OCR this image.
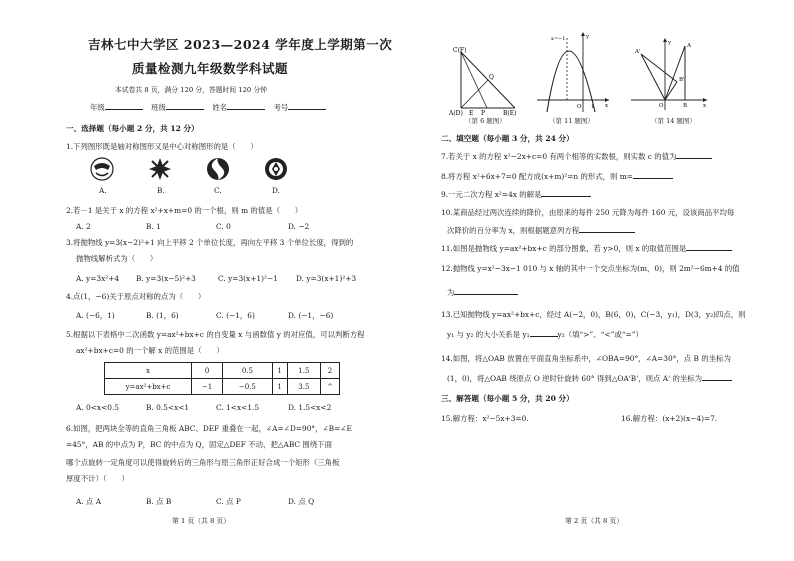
吉林七中大学区 2023—2024 学年度上学期第一次
质量检测九年级数学科试题
本试卷共 8 页，满分 120 分，答题时间 120 分钟
年级	班级	姓名	考号
一、选择题（每小题 2 分，共 12 分）
1.下列图形既是轴对称图形又是中心对称图形的是（　　）
A.	B.	C.	D.
2.若－1 是关于 x 的方程 x²+x+m=0 的一个根，则 m 的值是（　　）
A. 2	B. 1	C. 0	D. −2
3.将抛物线 y=3(x−2)²+1 向上平移 2 个单位长度，再向左平移 3 个单位长度，得到的
抛物线解析式为（　　）
A. y=3x²+4 B. y=3(x−5)²+3	C. y=3(x+1)²−1 D. y=3(x+1)²+3
4.点(1，−6)关于原点对称的点为（　　）
A. (−6，1)	B. (1，6)	C. (−1，6)	D. (−1，−6)
5.根据以下表格中二次函数 y=ax²+bx+c 的自变量 x 与函数值 y 的对应值，可以判断方程
ax²+bx+c=0 的一个解 x 的范围是（　　）
x	0	0.5	1	1.5	2
y=ax²+bx+c	−1	−0.5	1	3.5	^
A. 0<x<0.5	B. 0.5<x<1	C. 1<x<1.5	D. 1.5<x<2
6.如图，把两块全等的直角三角板 ABC、DEF 重叠在一起，∠A=∠D=90°，∠B=∠E
=45°，AB 的中点为 P，BC 的中点为 Q，固定△DEF 不动，把△ABC 围绕下面
哪个点旋转一定角度可以使得旋转后的三角形与原三角形正好合成一个矩形（三角板
厚度不计）（　　）
A. 点 A	B. 点 B	C. 点 P	D. 点 Q
第 1 页（共 8 页）
C(F)
Q
A(D)	P
E	B(E)
（第 6 题图）
x=−1
O 1 x
y
（第 11 题图）
A'
A
B'
O	B	x
y
（第 14 题图）
二、填空题（每小题 3 分，共 24 分）
7.若关于 x 的方程 x²−2x+c=0 有两个相等的实数根，则实数 c 的值为
8.将方程 x²+6x+7=0 配方成(x+m)²=n 的形式，则 m=
9.一元二次方程 x²=4x 的解是
10.某商品经过两次连续的降价，由原来的每件 250 元降为每件 160 元，设该商品平均每
次降价的百分率为 x，则根据题意列方程
11.如图是抛物线 y=ax²+bx+c 的部分图象，若 y>0，则 x 的取值范围是
12.抛物线 y=x²−3x−1 010 与 x 轴的其中一个交点坐标为(m，0)，则 2m²−6m+4 的值
为
13.已知抛物线 y=ax²+bx+c，经过 A(−2，0)，B(6，0)，C(−3，y₁)，D(3，y₂)四点，则
y₁ 与 y₂ 的大小关系是 y₁	y₂（填“>”、“<”或“=”）
14.如图，将△OAB 放置在平面直角坐标系中，∠OBA=90°，∠A=30°，点 B 的坐标为
(1，0)，将△OAB 绕原点 O 逆时针旋转 60° 得到△OA'B'，则点 A' 的坐标为
三、解答题（每小题 5 分，共 20 分）
15.解方程：x²−5x+3=0.	16.解方程：(x+2)(x−4)=7.
第 2 页（共 8 页）
